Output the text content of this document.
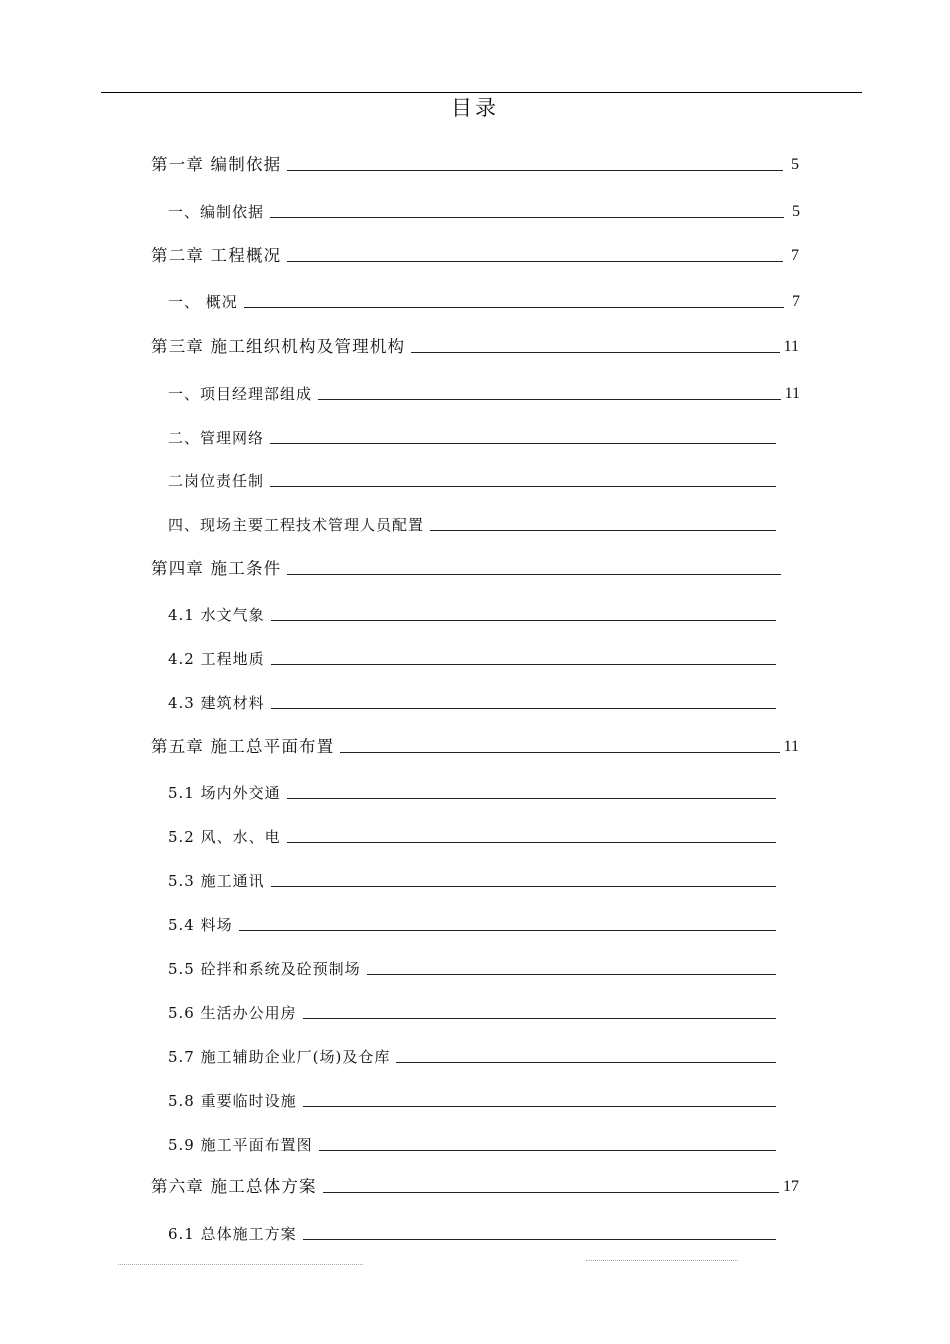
目录
第一章 编制依据	5
一、编制依据	5
第二章 工程概况	7
一、 概况	7
第三章 施工组织机构及管理机构	11
一、项目经理部组成	11
二、管理网络
二岗位责任制
四、现场主要工程技术管理人员配置
第四章 施工条件
4.1 水文气象
4.2 工程地质
4.3 建筑材料
第五章 施工总平面布置	11
5.1 场内外交通
5.2 风、水、电
5.3 施工通讯
5.4 料场
5.5 砼拌和系统及砼预制场
5.6 生活办公用房
5.7 施工辅助企业厂(场)及仓库
5.8 重要临时设施
5.9 施工平面布置图
第六章 施工总体方案	17
6.1 总体施工方案
